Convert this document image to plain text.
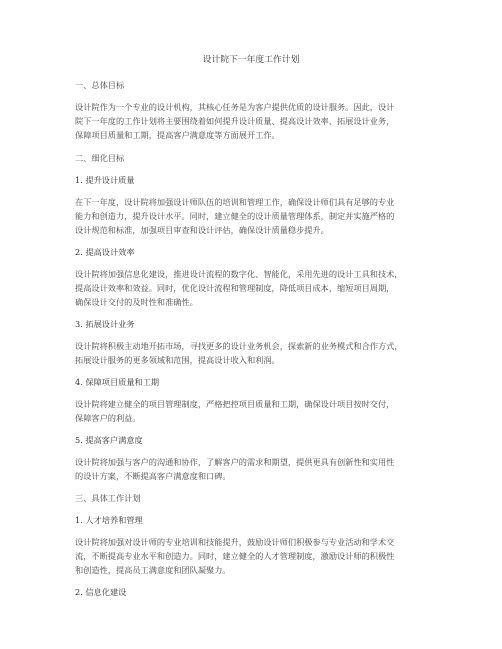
设计院下一年度工作计划
一、总体目标
设计院作为一个专业的设计机构，其核心任务是为客户提供优质的设计服务。因此，设计
院下一年度的工作计划将主要围绕着如何提升设计质量、提高设计效率、拓展设计业务，
保障项目质量和工期，提高客户满意度等方面展开工作。
二、细化目标
1. 提升设计质量
在下一年度，设计院将加强设计师队伍的培训和管理工作，确保设计师们具有足够的专业
能力和创造力，提升设计水平。同时，建立健全的设计质量管理体系，制定并实施严格的
设计规范和标准，加强项目审查和设计评估，确保设计质量稳步提升。
2. 提高设计效率
设计院将加强信息化建设，推进设计流程的数字化、智能化，采用先进的设计工具和技术，
提高设计效率和效益。同时，优化设计流程和管理制度，降低项目成本，缩短项目周期，
确保设计交付的及时性和准确性。
3. 拓展设计业务
设计院将积极主动地开拓市场，寻找更多的设计业务机会，探索新的业务模式和合作方式，
拓展设计服务的更多领域和范围，提高设计收入和利润。
4. 保障项目质量和工期
设计院将建立健全的项目管理制度，严格把控项目质量和工期，确保设计项目按时交付，
保障客户的利益。
5. 提高客户满意度
设计院将加强与客户的沟通和协作，了解客户的需求和期望，提供更具有创新性和实用性
的设计方案，不断提高客户满意度和口碑。
三、具体工作计划
1. 人才培养和管理
设计院将加强对设计师的专业培训和技能提升，鼓励设计师们积极参与专业活动和学术交
流，不断提高专业水平和创造力。同时，建立健全的人才管理制度，激励设计师的积极性
和创造性，提高员工满意度和团队凝聚力。
2. 信息化建设
